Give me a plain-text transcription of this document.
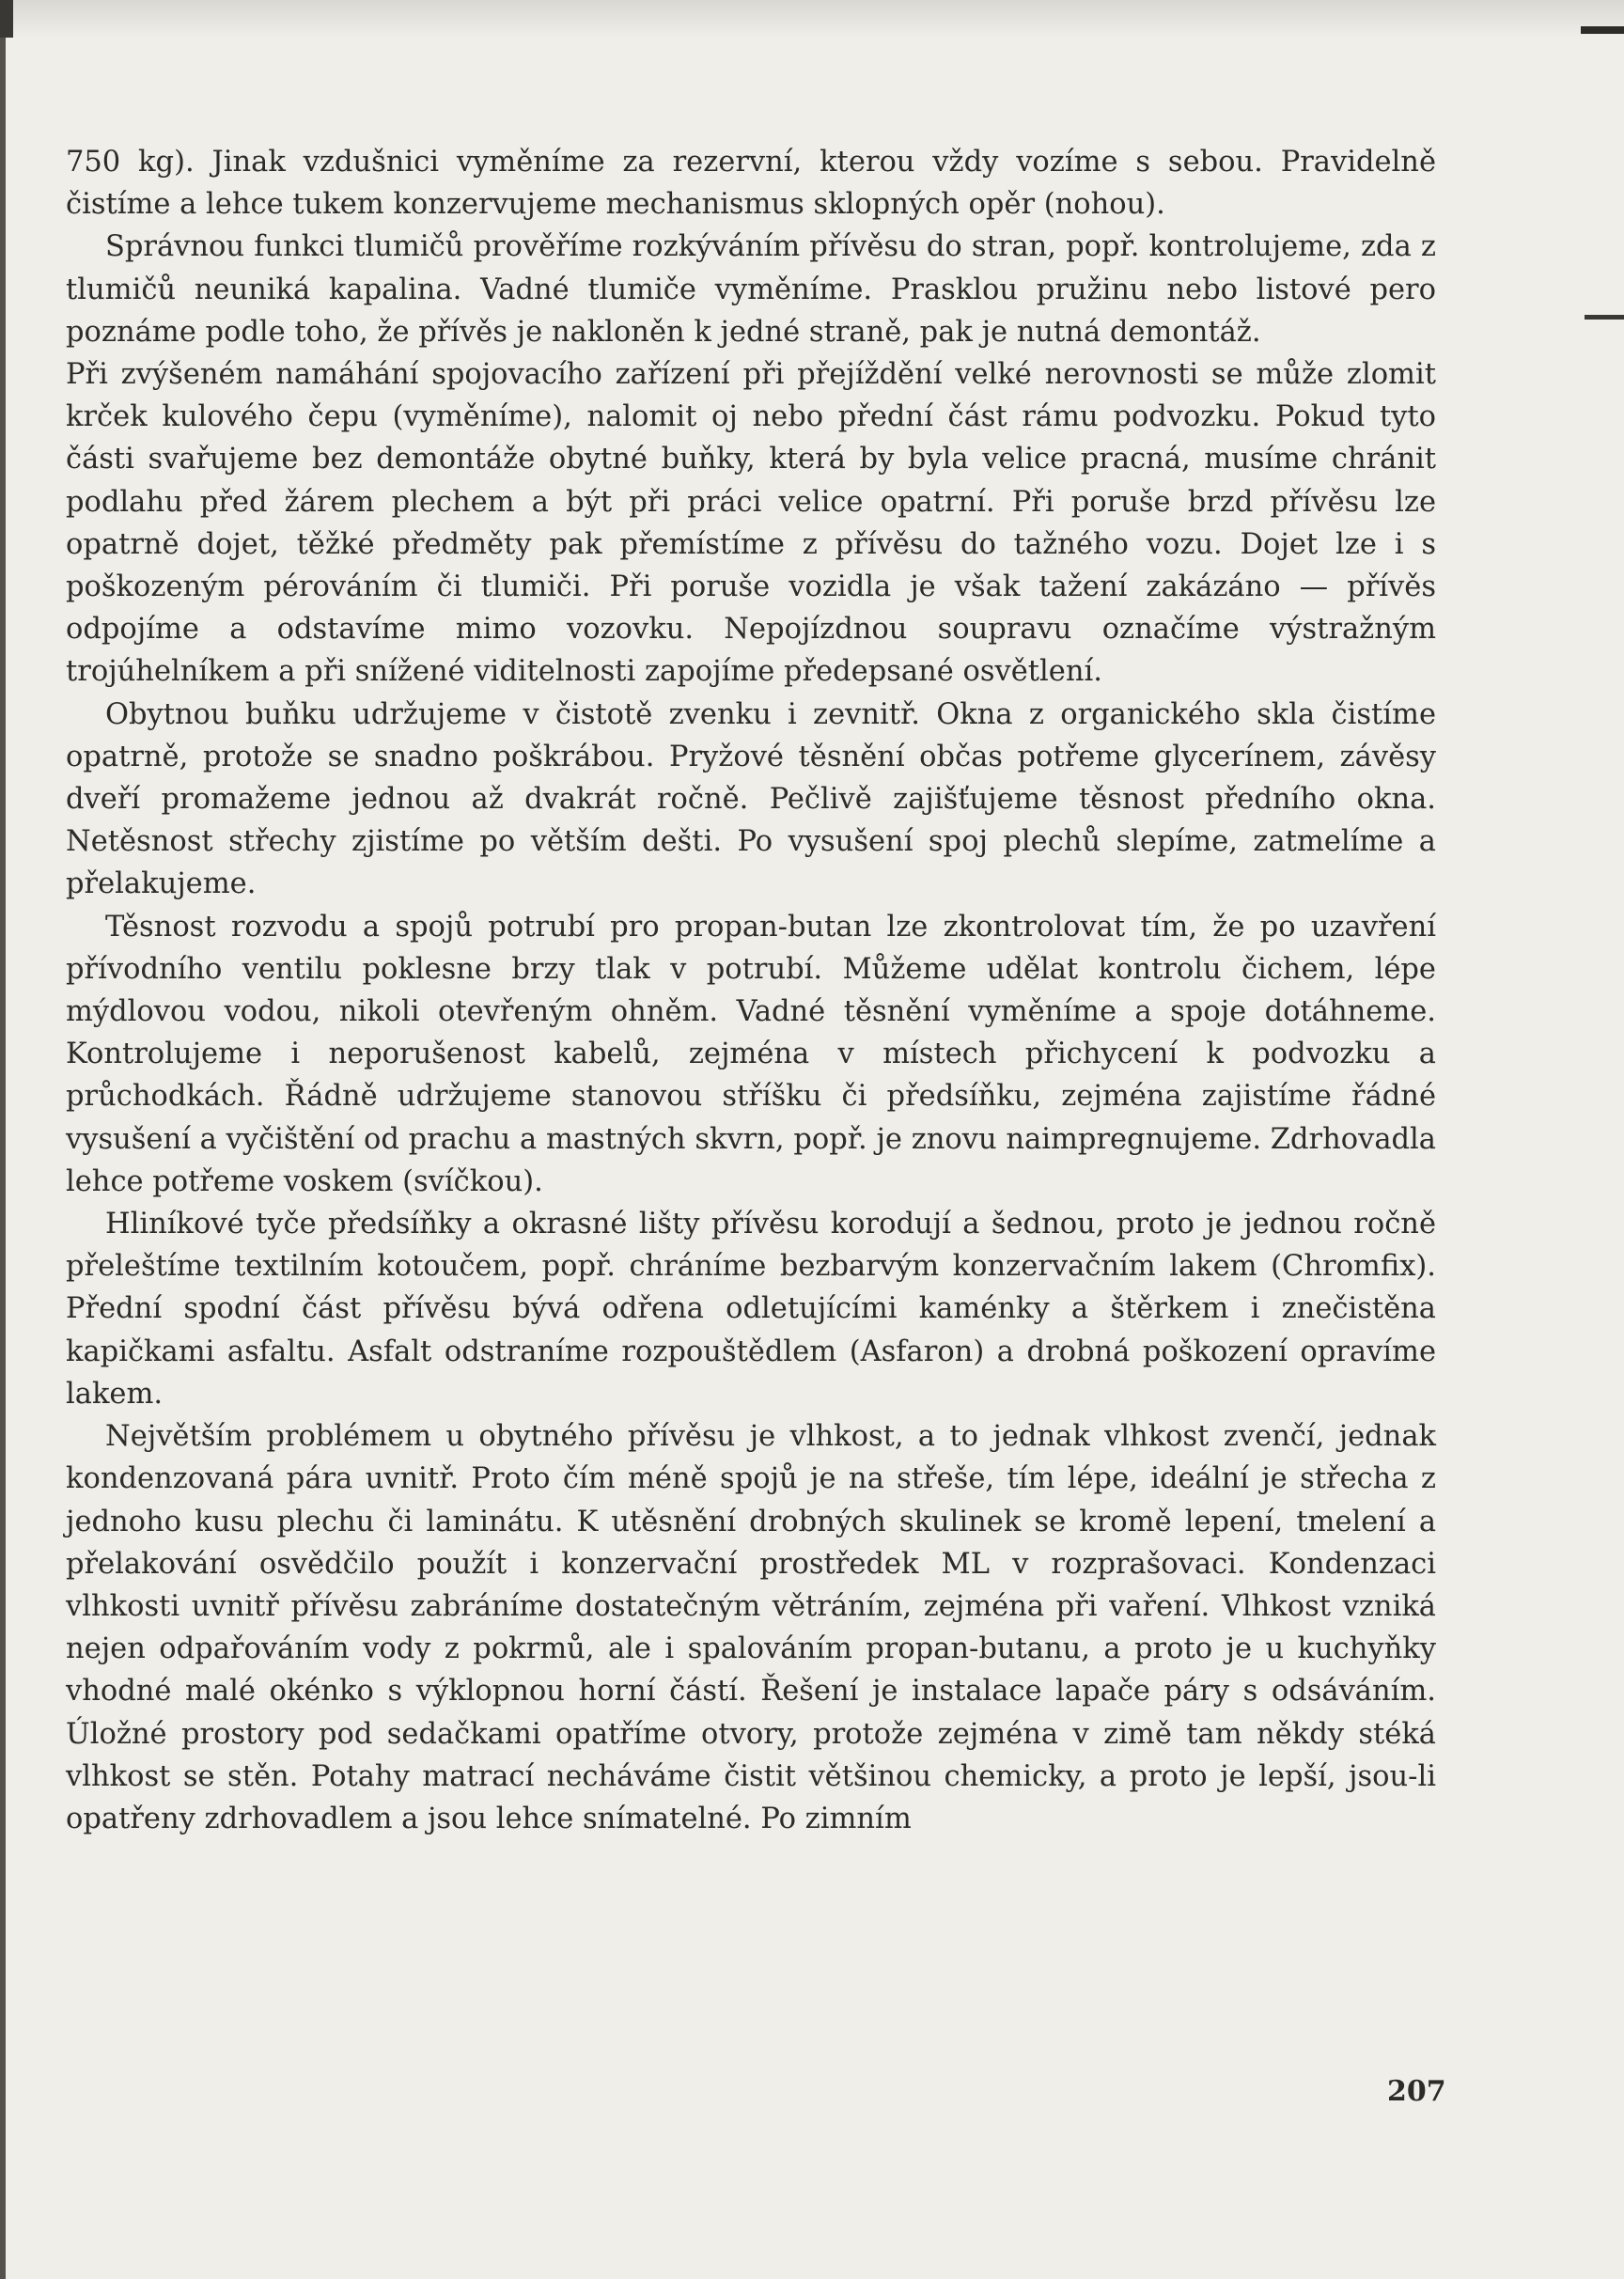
750 kg). Jinak vzdušnici vyměníme za rezervní, kterou vždy vozíme s sebou. Pravidelně čistíme a lehce tukem konzervujeme mechanismus sklopných opěr (nohou).

Správnou funkci tlumičů prověříme rozkýváním přívěsu do stran, popř. kontrolujeme, zda z tlumičů neuniká kapalina. Vadné tlumiče vyměníme. Prasklou pružinu nebo listové pero poznáme podle toho, že přívěs je nakloněn k jedné straně, pak je nutná demontáž.

Při zvýšeném namáhání spojovacího zařízení při přejíždění velké nerovnosti se může zlomit krček kulového čepu (vyměníme), nalomit oj nebo přední část rámu podvozku. Pokud tyto části svařujeme bez demontáže obytné buňky, která by byla velice pracná, musíme chránit podlahu před žárem plechem a být při práci velice opatrní. Při poruše brzd přívěsu lze opatrně dojet, těžké předměty pak přemístíme z přívěsu do tažného vozu. Dojet lze i s poškozeným pérováním či tlumiči. Při poruše vozidla je však tažení zakázáno — přívěs odpojíme a odstavíme mimo vozovku. Nepojízdnou soupravu označíme výstražným trojúhelníkem a při snížené viditelnosti zapojíme předepsané osvětlení.

Obytnou buňku udržujeme v čistotě zvenku i zevnitř. Okna z organického skla čistíme opatrně, protože se snadno poškrábou. Pryžové těsnění občas potřeme glycerínem, závěsy dveří promažeme jednou až dvakrát ročně. Pečlivě zajišťujeme těsnost předního okna. Netěsnost střechy zjistíme po větším dešti. Po vysušení spoj plechů slepíme, zatmelíme a přelakujeme.

Těsnost rozvodu a spojů potrubí pro propan-butan lze zkontrolovat tím, že po uzavření přívodního ventilu poklesne brzy tlak v potrubí. Můžeme udělat kontrolu čichem, lépe mýdlovou vodou, nikoli otevřeným ohněm. Vadné těsnění vyměníme a spoje dotáhneme. Kontrolujeme i neporušenost kabelů, zejména v místech přichycení k podvozku a průchodkách. Řádně udržujeme stanovou stříšku či předsíňku, zejména zajistíme řádné vysušení a vyčištění od prachu a mastných skvrn, popř. je znovu naimpregnujeme. Zdrhovadla lehce potřeme voskem (svíčkou).

Hliníkové tyče předsíňky a okrasné lišty přívěsu korodují a šednou, proto je jednou ročně přeleštíme textilním kotoučem, popř. chráníme bezbarvým konzervačním lakem (Chromfix). Přední spodní část přívěsu bývá odřena odletujícími kaménky a štěrkem i znečistěna kapičkami asfaltu. Asfalt odstraníme rozpouštědlem (Asfaron) a drobná poškození opravíme lakem.

Největším problémem u obytného přívěsu je vlhkost, a to jednak vlhkost zvenčí, jednak kondenzovaná pára uvnitř. Proto čím méně spojů je na střeše, tím lépe, ideální je střecha z jednoho kusu plechu či laminátu. K utěsnění drobných skulinek se kromě lepení, tmelení a přelakování osvědčilo použít i konzervační prostředek ML v rozprašovaci. Kondenzaci vlhkosti uvnitř přívěsu zabráníme dostatečným větráním, zejména při vaření. Vlhkost vzniká nejen odpařováním vody z pokrmů, ale i spalováním propan-butanu, a proto je u kuchyňky vhodné malé okénko s výklopnou horní částí. Řešení je instalace lapače páry s odsáváním. Úložné prostory pod sedačkami opatříme otvory, protože zejména v zimě tam někdy stéká vlhkost se stěn. Potahy matrací necháváme čistit většinou chemicky, a proto je lepší, jsou-li opatřeny zdrhovadlem a jsou lehce snímatelné. Po zimním

207
